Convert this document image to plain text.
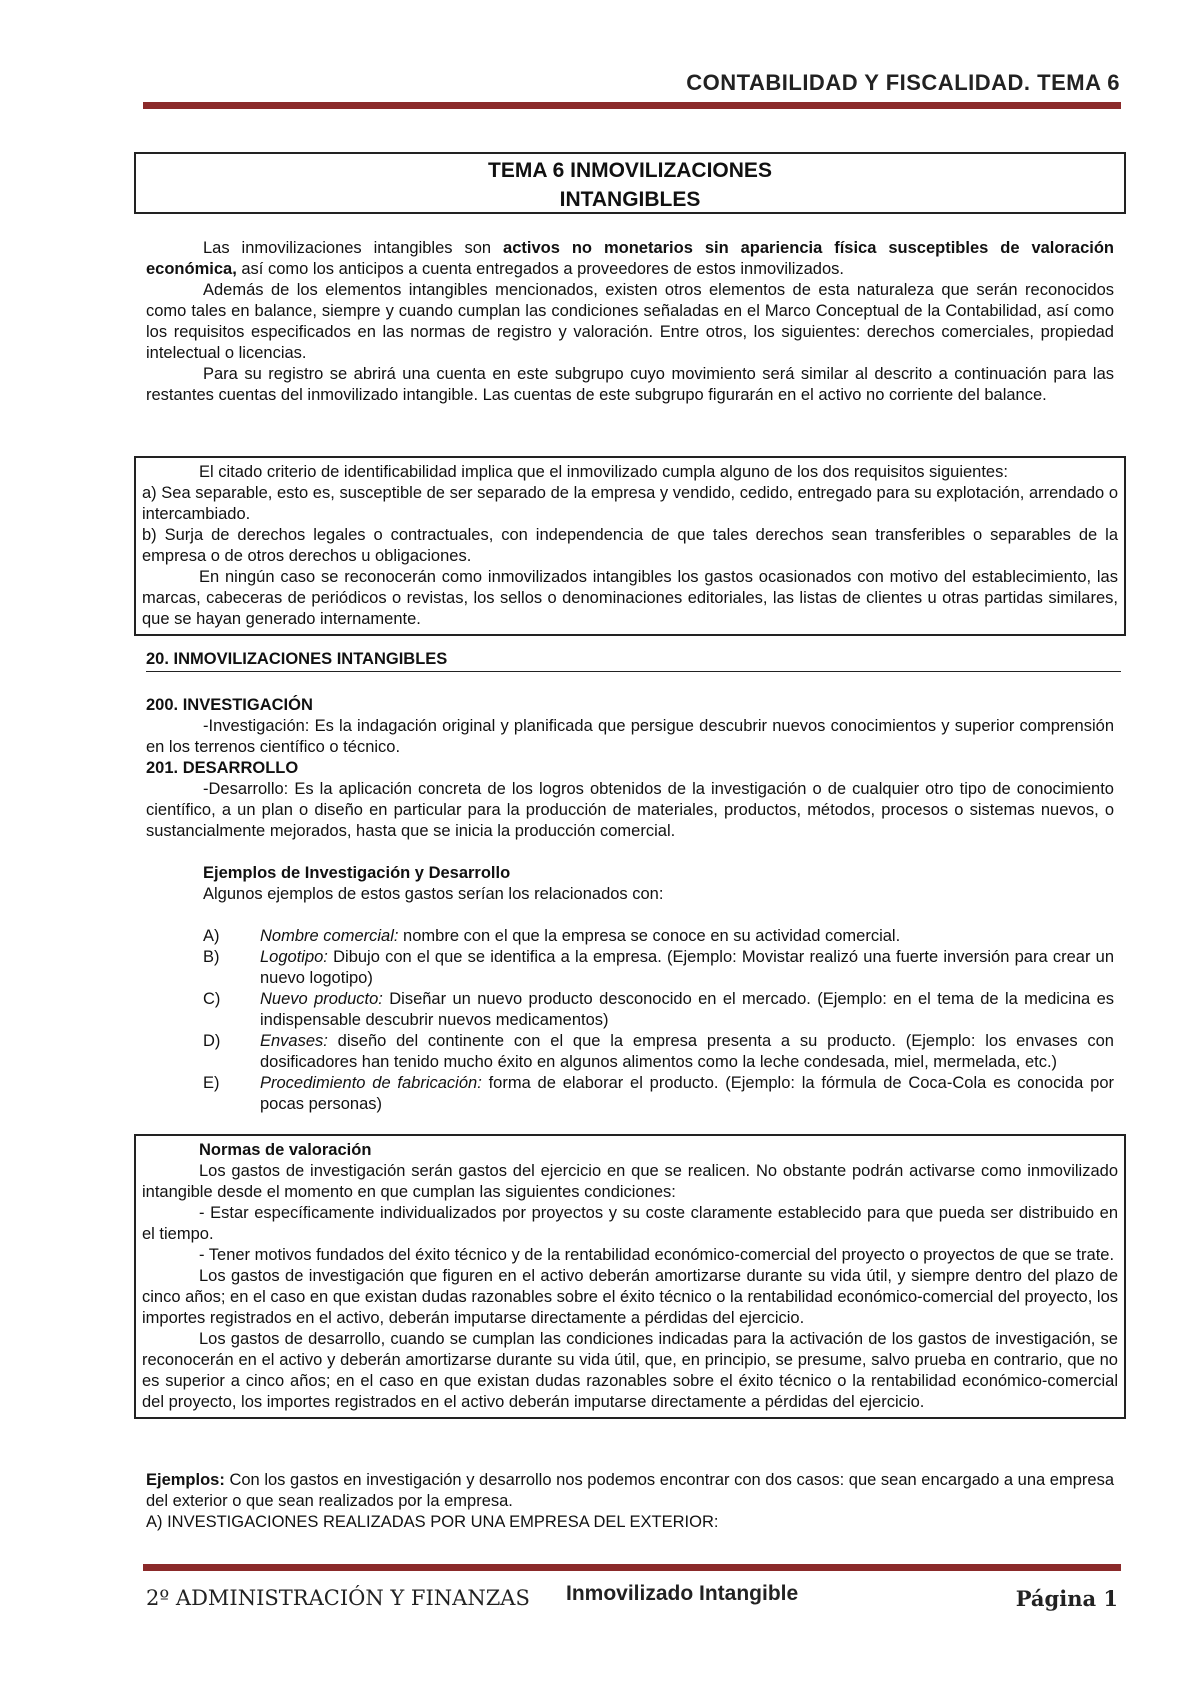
CONTABILIDAD Y FISCALIDAD. TEMA 6
TEMA 6 INMOVILIZACIONES
INTANGIBLES

Las inmovilizaciones intangibles son activos no monetarios sin apariencia física susceptibles de valoración económica, así como los anticipos a cuenta entregados a proveedores de estos inmovilizados.

Además de los elementos intangibles mencionados, existen otros elementos de esta naturaleza que serán reconocidos como tales en balance, siempre y cuando cumplan las condiciones señaladas en el Marco Conceptual de la Contabilidad, así como los requisitos especificados en las normas de registro y valoración. Entre otros, los siguientes: derechos comerciales, propiedad intelectual o licencias.

Para su registro se abrirá una cuenta en este subgrupo cuyo movimiento será similar al descrito a continuación para las restantes cuentas del inmovilizado intangible. Las cuentas de este subgrupo figurarán en el activo no corriente del balance.

El citado criterio de identificabilidad implica que el inmovilizado cumpla alguno de los dos requisitos siguientes:

a) Sea separable, esto es, susceptible de ser separado de la empresa y vendido, cedido, entregado para su explotación, arrendado o intercambiado.

b) Surja de derechos legales o contractuales, con independencia de que tales derechos sean transferibles o separables de la empresa o de otros derechos u obligaciones.

En ningún caso se reconocerán como inmovilizados intangibles los gastos ocasionados con motivo del establecimiento, las marcas, cabeceras de periódicos o revistas, los sellos o denominaciones editoriales, las listas de clientes u otras partidas similares, que se hayan generado internamente.

20. INMOVILIZACIONES INTANGIBLES

200. INVESTIGACIÓN

-Investigación: Es la indagación original y planificada que persigue descubrir nuevos conocimientos y superior comprensión en los terrenos científico o técnico.

201. DESARROLLO

-Desarrollo: Es la aplicación concreta de los logros obtenidos de la investigación o de cualquier otro tipo de conocimiento científico, a un plan o diseño en particular para la producción de materiales, productos, métodos, procesos o sistemas nuevos, o sustancialmente mejorados, hasta que se inicia la producción comercial.

Ejemplos de Investigación y Desarrollo

Algunos ejemplos de estos gastos serían los relacionados con:

A) Nombre comercial: nombre con el que la empresa se conoce en su actividad comercial.
B) Logotipo: Dibujo con el que se identifica a la empresa. (Ejemplo: Movistar realizó una fuerte inversión para crear un nuevo logotipo)
C) Nuevo producto: Diseñar un nuevo producto desconocido en el mercado. (Ejemplo: en el tema de la medicina es indispensable descubrir nuevos medicamentos)
D) Envases: diseño del continente con el que la empresa presenta a su producto. (Ejemplo: los envases con dosificadores han tenido mucho éxito en algunos alimentos como la leche condesada, miel, mermelada, etc.)
E) Procedimiento de fabricación: forma de elaborar el producto. (Ejemplo: la fórmula de Coca-Cola es conocida por pocas personas)

Normas de valoración

Los gastos de investigación serán gastos del ejercicio en que se realicen. No obstante podrán activarse como inmovilizado intangible desde el momento en que cumplan las siguientes condiciones:

- Estar específicamente individualizados por proyectos y su coste claramente establecido para que pueda ser distribuido en el tiempo.

- Tener motivos fundados del éxito técnico y de la rentabilidad económico-comercial del proyecto o proyectos de que se trate.

Los gastos de investigación que figuren en el activo deberán amortizarse durante su vida útil, y siempre dentro del plazo de cinco años; en el caso en que existan dudas razonables sobre el éxito técnico o la rentabilidad económico-comercial del proyecto, los importes registrados en el activo, deberán imputarse directamente a pérdidas del ejercicio.

Los gastos de desarrollo, cuando se cumplan las condiciones indicadas para la activación de los gastos de investigación, se reconocerán en el activo y deberán amortizarse durante su vida útil, que, en principio, se presume, salvo prueba en contrario, que no es superior a cinco años; en el caso en que existan dudas razonables sobre el éxito técnico o la rentabilidad económico-comercial del proyecto, los importes registrados en el activo deberán imputarse directamente a pérdidas del ejercicio.

Ejemplos: Con los gastos en investigación y desarrollo nos podemos encontrar con dos casos: que sean encargado a una empresa del exterior o que sean realizados por la empresa.

A) INVESTIGACIONES REALIZADAS POR UNA EMPRESA DEL EXTERIOR:

2º ADMINISTRACIÓN Y FINANZAS Inmovilizado Intangible	Página 1
